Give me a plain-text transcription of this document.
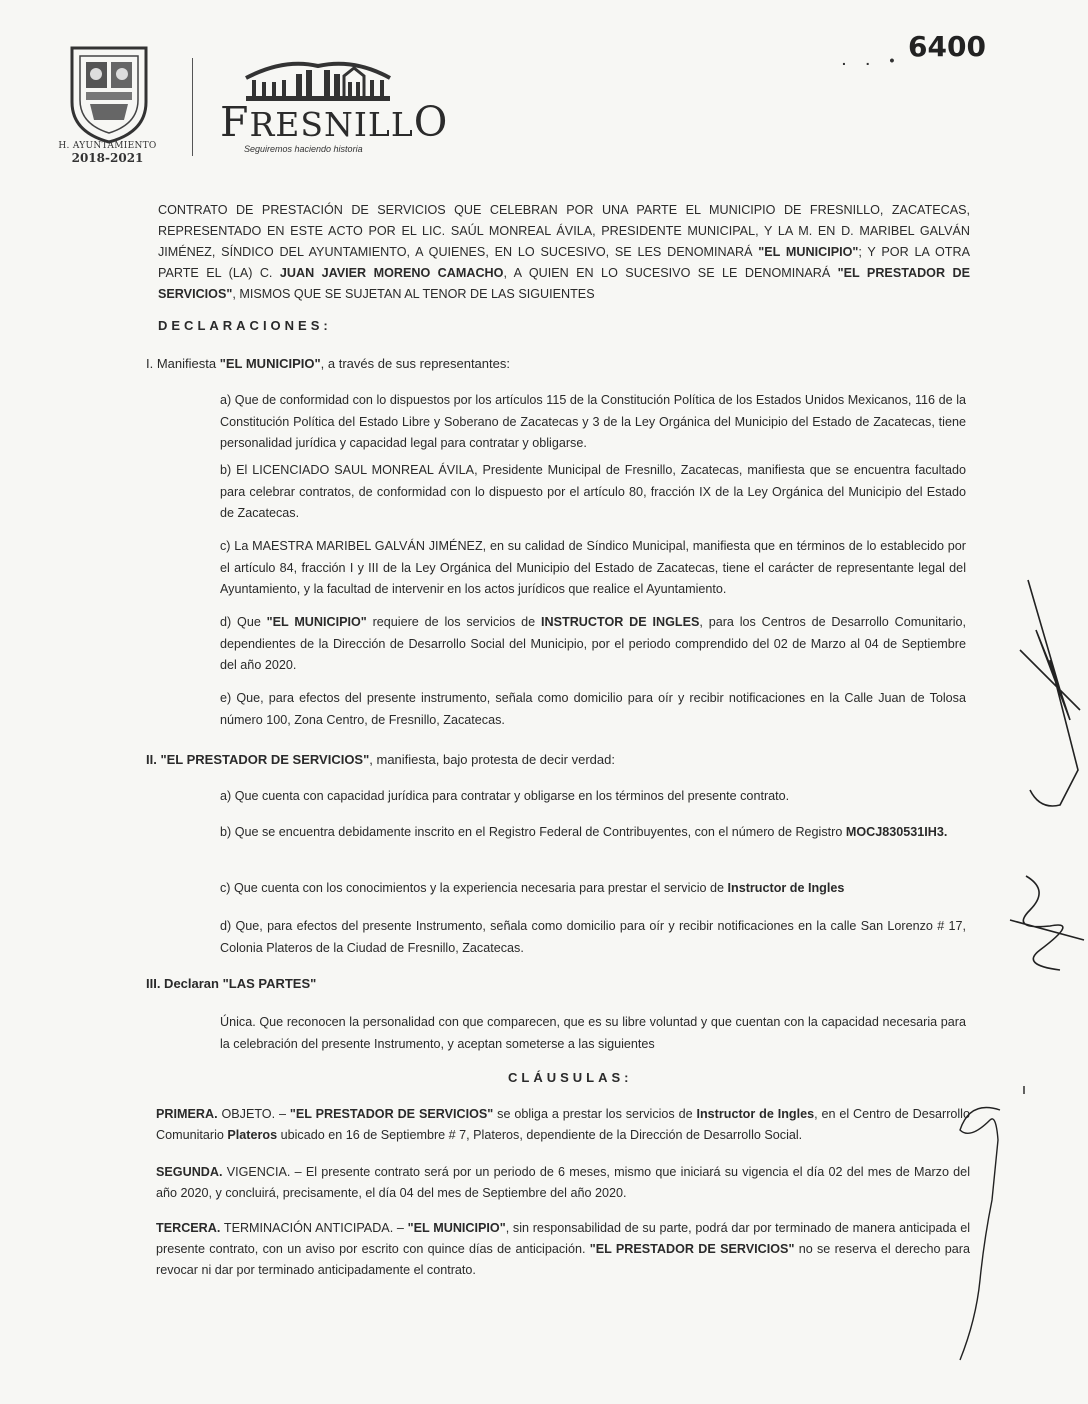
H. AYUNTAMIENTO
2018-2021
FRESNILLO
Seguiremos haciendo historia
. . • 6400
CONTRATO DE PRESTACIÓN DE SERVICIOS QUE CELEBRAN POR UNA PARTE EL MUNICIPIO DE FRESNILLO, ZACATECAS, REPRESENTADO EN ESTE ACTO POR EL LIC. SAÚL MONREAL ÁVILA, PRESIDENTE MUNICIPAL, Y LA M. EN D. MARIBEL GALVÁN JIMÉNEZ, SÍNDICO DEL AYUNTAMIENTO, A QUIENES, EN LO SUCESIVO, SE LES DENOMINARÁ "EL MUNICIPIO"; Y POR LA OTRA PARTE EL (LA) C. JUAN JAVIER MORENO CAMACHO, A QUIEN EN LO SUCESIVO SE LE DENOMINARÁ "EL PRESTADOR DE SERVICIOS", MISMOS QUE SE SUJETAN AL TENOR DE LAS SIGUIENTES
DECLARACIONES:
I. Manifiesta "EL MUNICIPIO", a través de sus representantes:
a) Que de conformidad con lo dispuestos por los artículos 115 de la Constitución Política de los Estados Unidos Mexicanos, 116 de la Constitución Política del Estado Libre y Soberano de Zacatecas y 3 de la Ley Orgánica del Municipio del Estado de Zacatecas, tiene personalidad jurídica y capacidad legal para contratar y obligarse.
b) El LICENCIADO SAUL MONREAL ÁVILA, Presidente Municipal de Fresnillo, Zacatecas, manifiesta que se encuentra facultado para celebrar contratos, de conformidad con lo dispuesto por el artículo 80, fracción IX de la Ley Orgánica del Municipio del Estado de Zacatecas.
c) La MAESTRA MARIBEL GALVÁN JIMÉNEZ, en su calidad de Síndico Municipal, manifiesta que en términos de lo establecido por el artículo 84, fracción I y III de la Ley Orgánica del Municipio del Estado de Zacatecas, tiene el carácter de representante legal del Ayuntamiento, y la facultad de intervenir en los actos jurídicos que realice el Ayuntamiento.
d) Que "EL MUNICIPIO" requiere de los servicios de INSTRUCTOR DE INGLES, para los Centros de Desarrollo Comunitario, dependientes de la Dirección de Desarrollo Social del Municipio, por el periodo comprendido del 02 de Marzo al 04 de Septiembre del año 2020.
e) Que, para efectos del presente instrumento, señala como domicilio para oír y recibir notificaciones en la Calle Juan de Tolosa número 100, Zona Centro, de Fresnillo, Zacatecas.
II. "EL PRESTADOR DE SERVICIOS", manifiesta, bajo protesta de decir verdad:
a) Que cuenta con capacidad jurídica para contratar y obligarse en los términos del presente contrato.
b) Que se encuentra debidamente inscrito en el Registro Federal de Contribuyentes, con el número de Registro MOCJ830531IH3.
c) Que cuenta con los conocimientos y la experiencia necesaria para prestar el servicio de Instructor de Ingles
d) Que, para efectos del presente Instrumento, señala como domicilio para oír y recibir notificaciones en la calle San Lorenzo # 17, Colonia Plateros de la Ciudad de Fresnillo, Zacatecas.
III. Declaran "LAS PARTES"
Única. Que reconocen la personalidad con que comparecen, que es su libre voluntad y que cuentan con la capacidad necesaria para la celebración del presente Instrumento, y aceptan someterse a las siguientes
CLÁUSULAS:
PRIMERA. OBJETO. – "EL PRESTADOR DE SERVICIOS" se obliga a prestar los servicios de Instructor de Ingles, en el Centro de Desarrollo Comunitario Plateros ubicado en 16 de Septiembre # 7, Plateros, dependiente de la Dirección de Desarrollo Social.
SEGUNDA. VIGENCIA. – El presente contrato será por un periodo de 6 meses, mismo que iniciará su vigencia el día 02 del mes de Marzo del año 2020, y concluirá, precisamente, el día 04 del mes de Septiembre del año 2020.
TERCERA. TERMINACIÓN ANTICIPADA. – "EL MUNICIPIO", sin responsabilidad de su parte, podrá dar por terminado de manera anticipada el presente contrato, con un aviso por escrito con quince días de anticipación. "EL PRESTADOR DE SERVICIOS" no se reserva el derecho para revocar ni dar por terminado anticipadamente el contrato.
